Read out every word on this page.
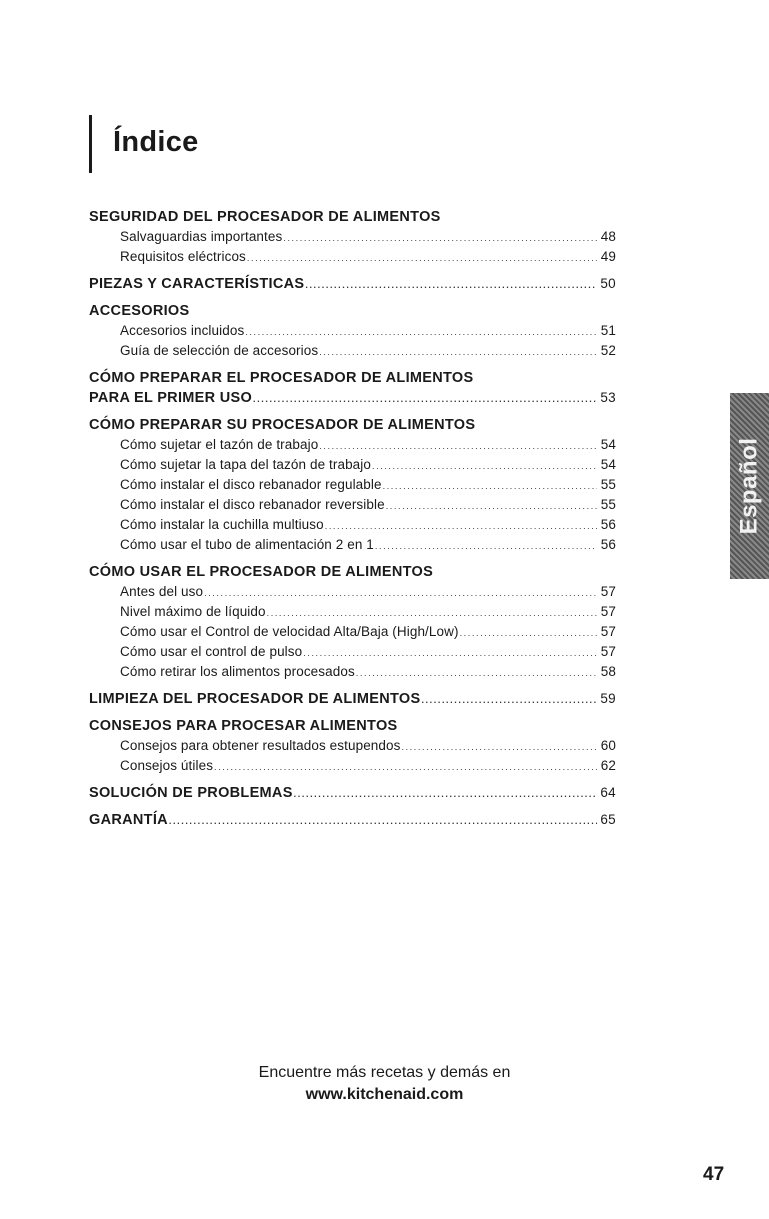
Índice
SEGURIDAD DEL PROCESADOR DE ALIMENTOS
Salvaguardias importantes .....	48
Requisitos eléctricos .....	49
PIEZAS Y CARACTERÍSTICAS .....	50
ACCESORIOS
Accesorios incluidos .....	51
Guía de selección de accesorios .....	52
CÓMO PREPARAR EL PROCESADOR DE ALIMENTOS
PARA EL PRIMER USO .....	53
CÓMO PREPARAR SU PROCESADOR DE ALIMENTOS
Cómo sujetar el tazón de trabajo .....	54
Cómo sujetar la tapa del tazón de trabajo .....	54
Cómo instalar el disco rebanador regulable .....	55
Cómo instalar el disco rebanador reversible .....	55
Cómo instalar la cuchilla multiuso .....	56
Cómo usar el tubo de alimentación 2 en 1 .....	56
CÓMO USAR EL PROCESADOR DE ALIMENTOS
Antes del uso .....	57
Nivel máximo de líquido .....	57
Cómo usar el Control de velocidad Alta/Baja (High/Low) .....	57
Cómo usar el control de pulso .....	57
Cómo retirar los alimentos procesados .....	58
LIMPIEZA DEL PROCESADOR DE ALIMENTOS .....	59
CONSEJOS PARA PROCESAR ALIMENTOS
Consejos para obtener resultados estupendos .....	60
Consejos útiles .....	62
SOLUCIÓN DE PROBLEMAS .....	64
GARANTÍA .....	65
Español
Encuentre más recetas y demás en
www.kitchenaid.com
47
